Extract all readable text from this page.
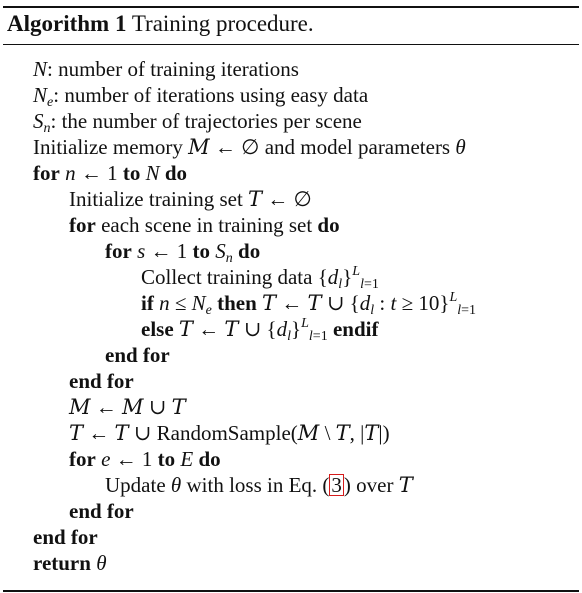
Algorithm 1 Training procedure.
N: number of training iterations
$N_e$: number of iterations using easy data
$S_n$: the number of trajectories per scene
Initialize memory M ← ∅ and model parameters θ
for n ← 1 to N do
Initialize training set T ← ∅
for each scene in training set do
for s ← 1 to $S_n$ do
Collect training data $\{d_l\}^L_{l=1}$
if $n \le N_e$ then T ← T ∪ {$d_l$ : t ≥ 10}$^L_{l=1}$
else T ← T ∪ $\{d_l\}^L_{l=1}$ endif
end for
end for
M ← M ∪ T
T ← T ∪ RandomSample(M \ T, |T|)
for e ← 1 to E do
Update θ with loss in Eq. (3) over T
end for
end for
return θ
